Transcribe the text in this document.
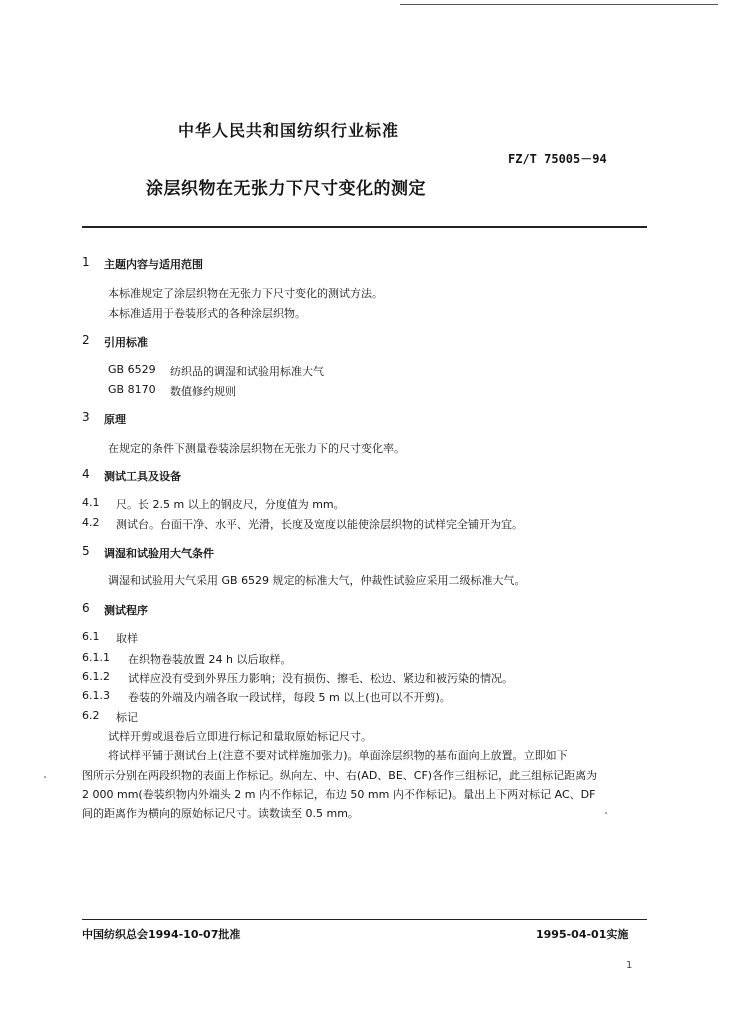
中华人民共和国纺织行业标准
FZ/T 75005－94
涂层织物在无张力下尺寸变化的测定
1 主题内容与适用范围
本标准规定了涂层织物在无张力下尺寸变化的测试方法。
本标准适用于卷装形式的各种涂层织物。
2 引用标准
GB 6529 纺织品的调湿和试验用标准大气
GB 8170 数值修约规则
3 原理
在规定的条件下测量卷装涂层织物在无张力下的尺寸变化率。
4 测试工具及设备
4.1 尺。长 2.5 m 以上的钢皮尺，分度值为 mm。
4.2 测试台。台面干净、水平、光滑，长度及宽度以能使涂层织物的试样完全铺开为宜。
5 调湿和试验用大气条件
调湿和试验用大气采用 GB 6529 规定的标准大气，仲裁性试验应采用二级标准大气。
6 测试程序
6.1 取样
6.1.1 在织物卷装放置 24 h 以后取样。
6.1.2 试样应没有受到外界压力影响；没有损伤、擦毛、松边、紧边和被污染的情况。
6.1.3 卷装的外端及内端各取一段试样，每段 5 m 以上(也可以不开剪)。
6.2 标记
试样开剪或退卷后立即进行标记和量取原始标记尺寸。
将试样平铺于测试台上(注意不要对试样施加张力)。单面涂层织物的基布面向上放置。立即如下
图所示分别在两段织物的表面上作标记。纵向左、中、右(AD、BE、CF)各作三组标记，此三组标记距离为
2 000 mm(卷装织物内外端头 2 m 内不作标记，布边 50 mm 内不作标记)。量出上下两对标记 AC、DF
间的距离作为横向的原始标记尺寸。读数读至 0.5 mm。
中国纺织总会1994-10-07批准	1995-04-01实施
1
